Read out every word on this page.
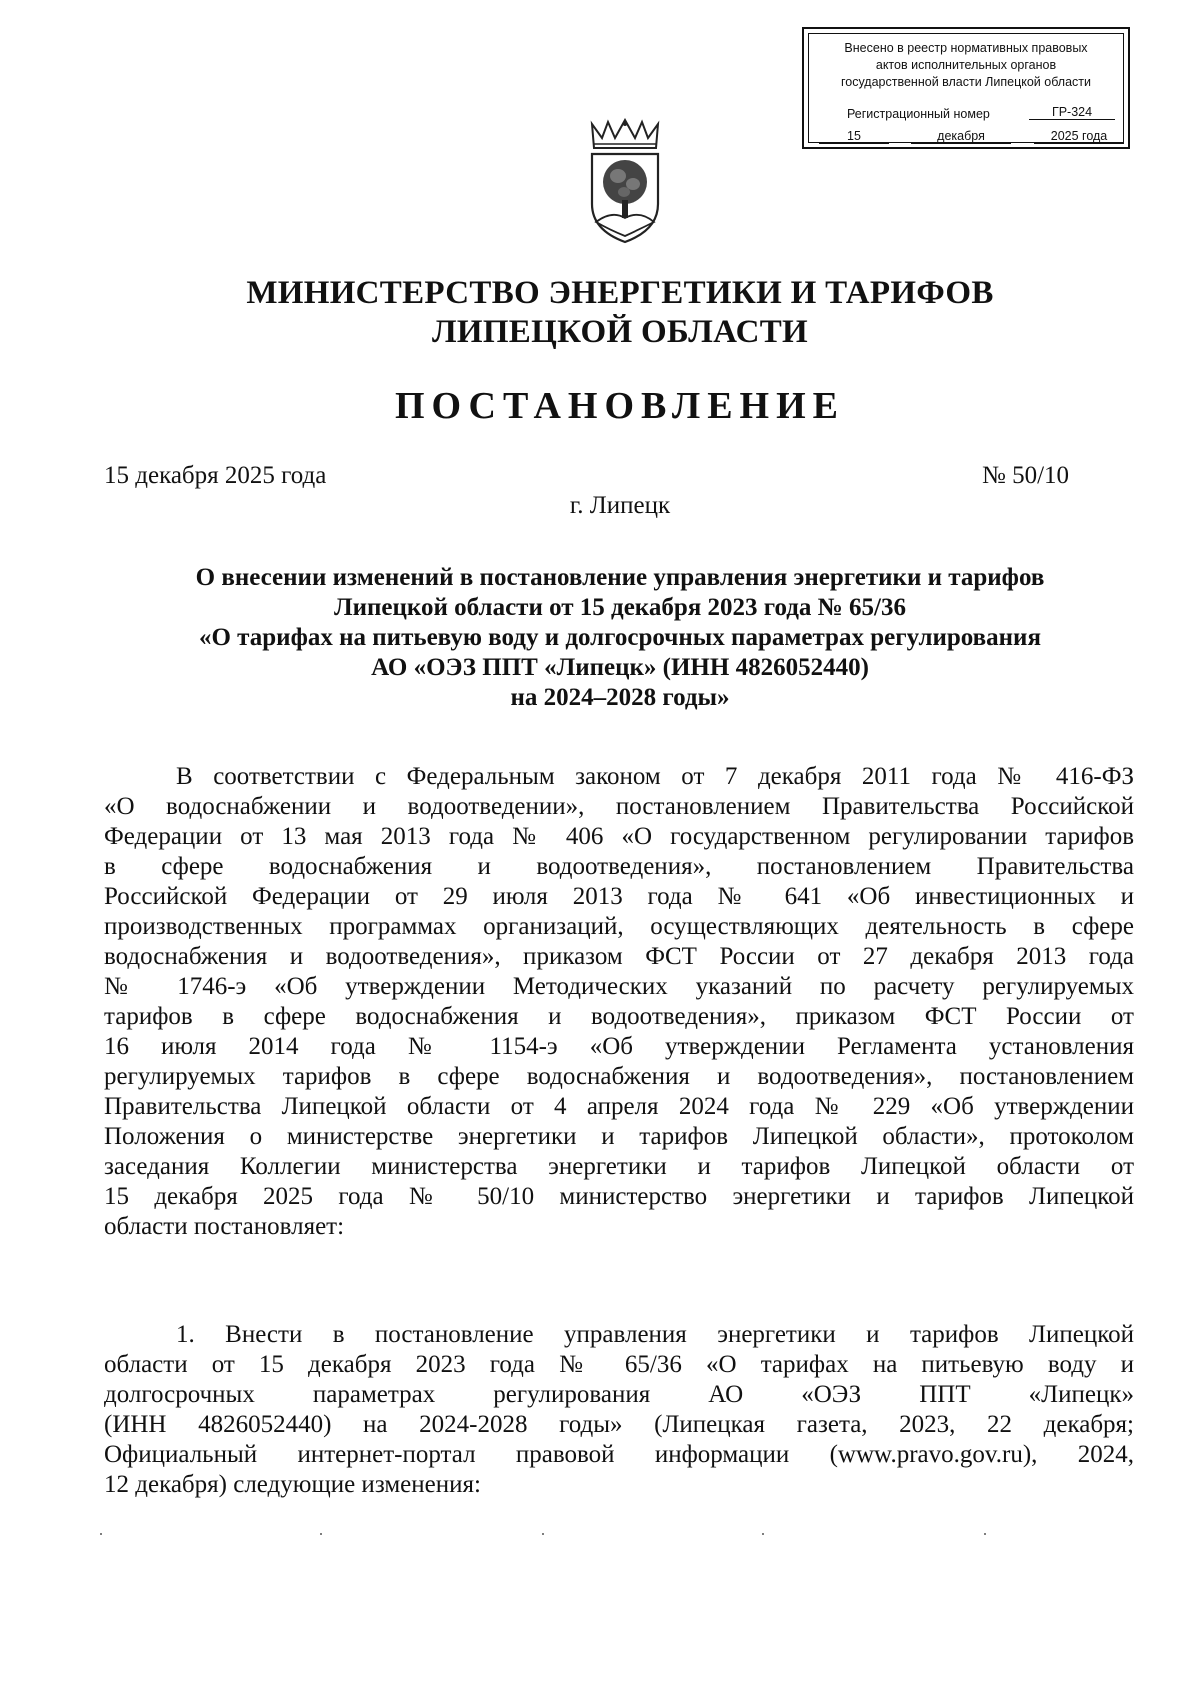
Внесено в реестр нормативных правовых
актов исполнительных органов
государственной власти Липецкой области
Регистрационный номер	ГР-324
15	декабря	2025 года
МИНИСТЕРСТВО ЭНЕРГЕТИКИ И ТАРИФОВ
ЛИПЕЦКОЙ ОБЛАСТИ
ПОСТАНОВЛЕНИЕ
15 декабря 2025 года	№ 50/10
г. Липецк
О внесении изменений в постановление управления энергетики и тарифов
Липецкой области от 15 декабря 2023 года № 65/36
«О тарифах на питьевую воду и долгосрочных параметрах регулирования
АО «ОЭЗ ППТ «Липецк» (ИНН 4826052440)
на 2024–2028 годы»
В соответствии с Федеральным законом от 7 декабря 2011 года № 416-ФЗ
«О водоснабжении и водоотведении», постановлением Правительства Российской
Федерации от 13 мая 2013 года № 406 «О государственном регулировании тарифов
в сфере водоснабжения и водоотведения», постановлением Правительства
Российской Федерации от 29 июля 2013 года № 641 «Об инвестиционных и
производственных программах организаций, осуществляющих деятельность в сфере
водоснабжения и водоотведения», приказом ФСТ России от 27 декабря 2013 года
№ 1746-э «Об утверждении Методических указаний по расчету регулируемых
тарифов в сфере водоснабжения и водоотведения», приказом ФСТ России от
16 июля 2014 года № 1154-э «Об утверждении Регламента установления
регулируемых тарифов в сфере водоснабжения и водоотведения», постановлением
Правительства Липецкой области от 4 апреля 2024 года № 229 «Об утверждении
Положения о министерстве энергетики и тарифов Липецкой области», протоколом
заседания Коллегии министерства энергетики и тарифов Липецкой области от
15 декабря 2025 года № 50/10 министерство энергетики и тарифов Липецкой
области постановляет:
1. Внести в постановление управления энергетики и тарифов Липецкой
области от 15 декабря 2023 года № 65/36 «О тарифах на питьевую воду и
долгосрочных параметрах регулирования АО «ОЭЗ ППТ «Липецк»
(ИНН 4826052440) на 2024-2028 годы» (Липецкая газета, 2023, 22 декабря;
Официальный интернет-портал правовой информации (www.pravo.gov.ru), 2024,
12 декабря) следующие изменения:
